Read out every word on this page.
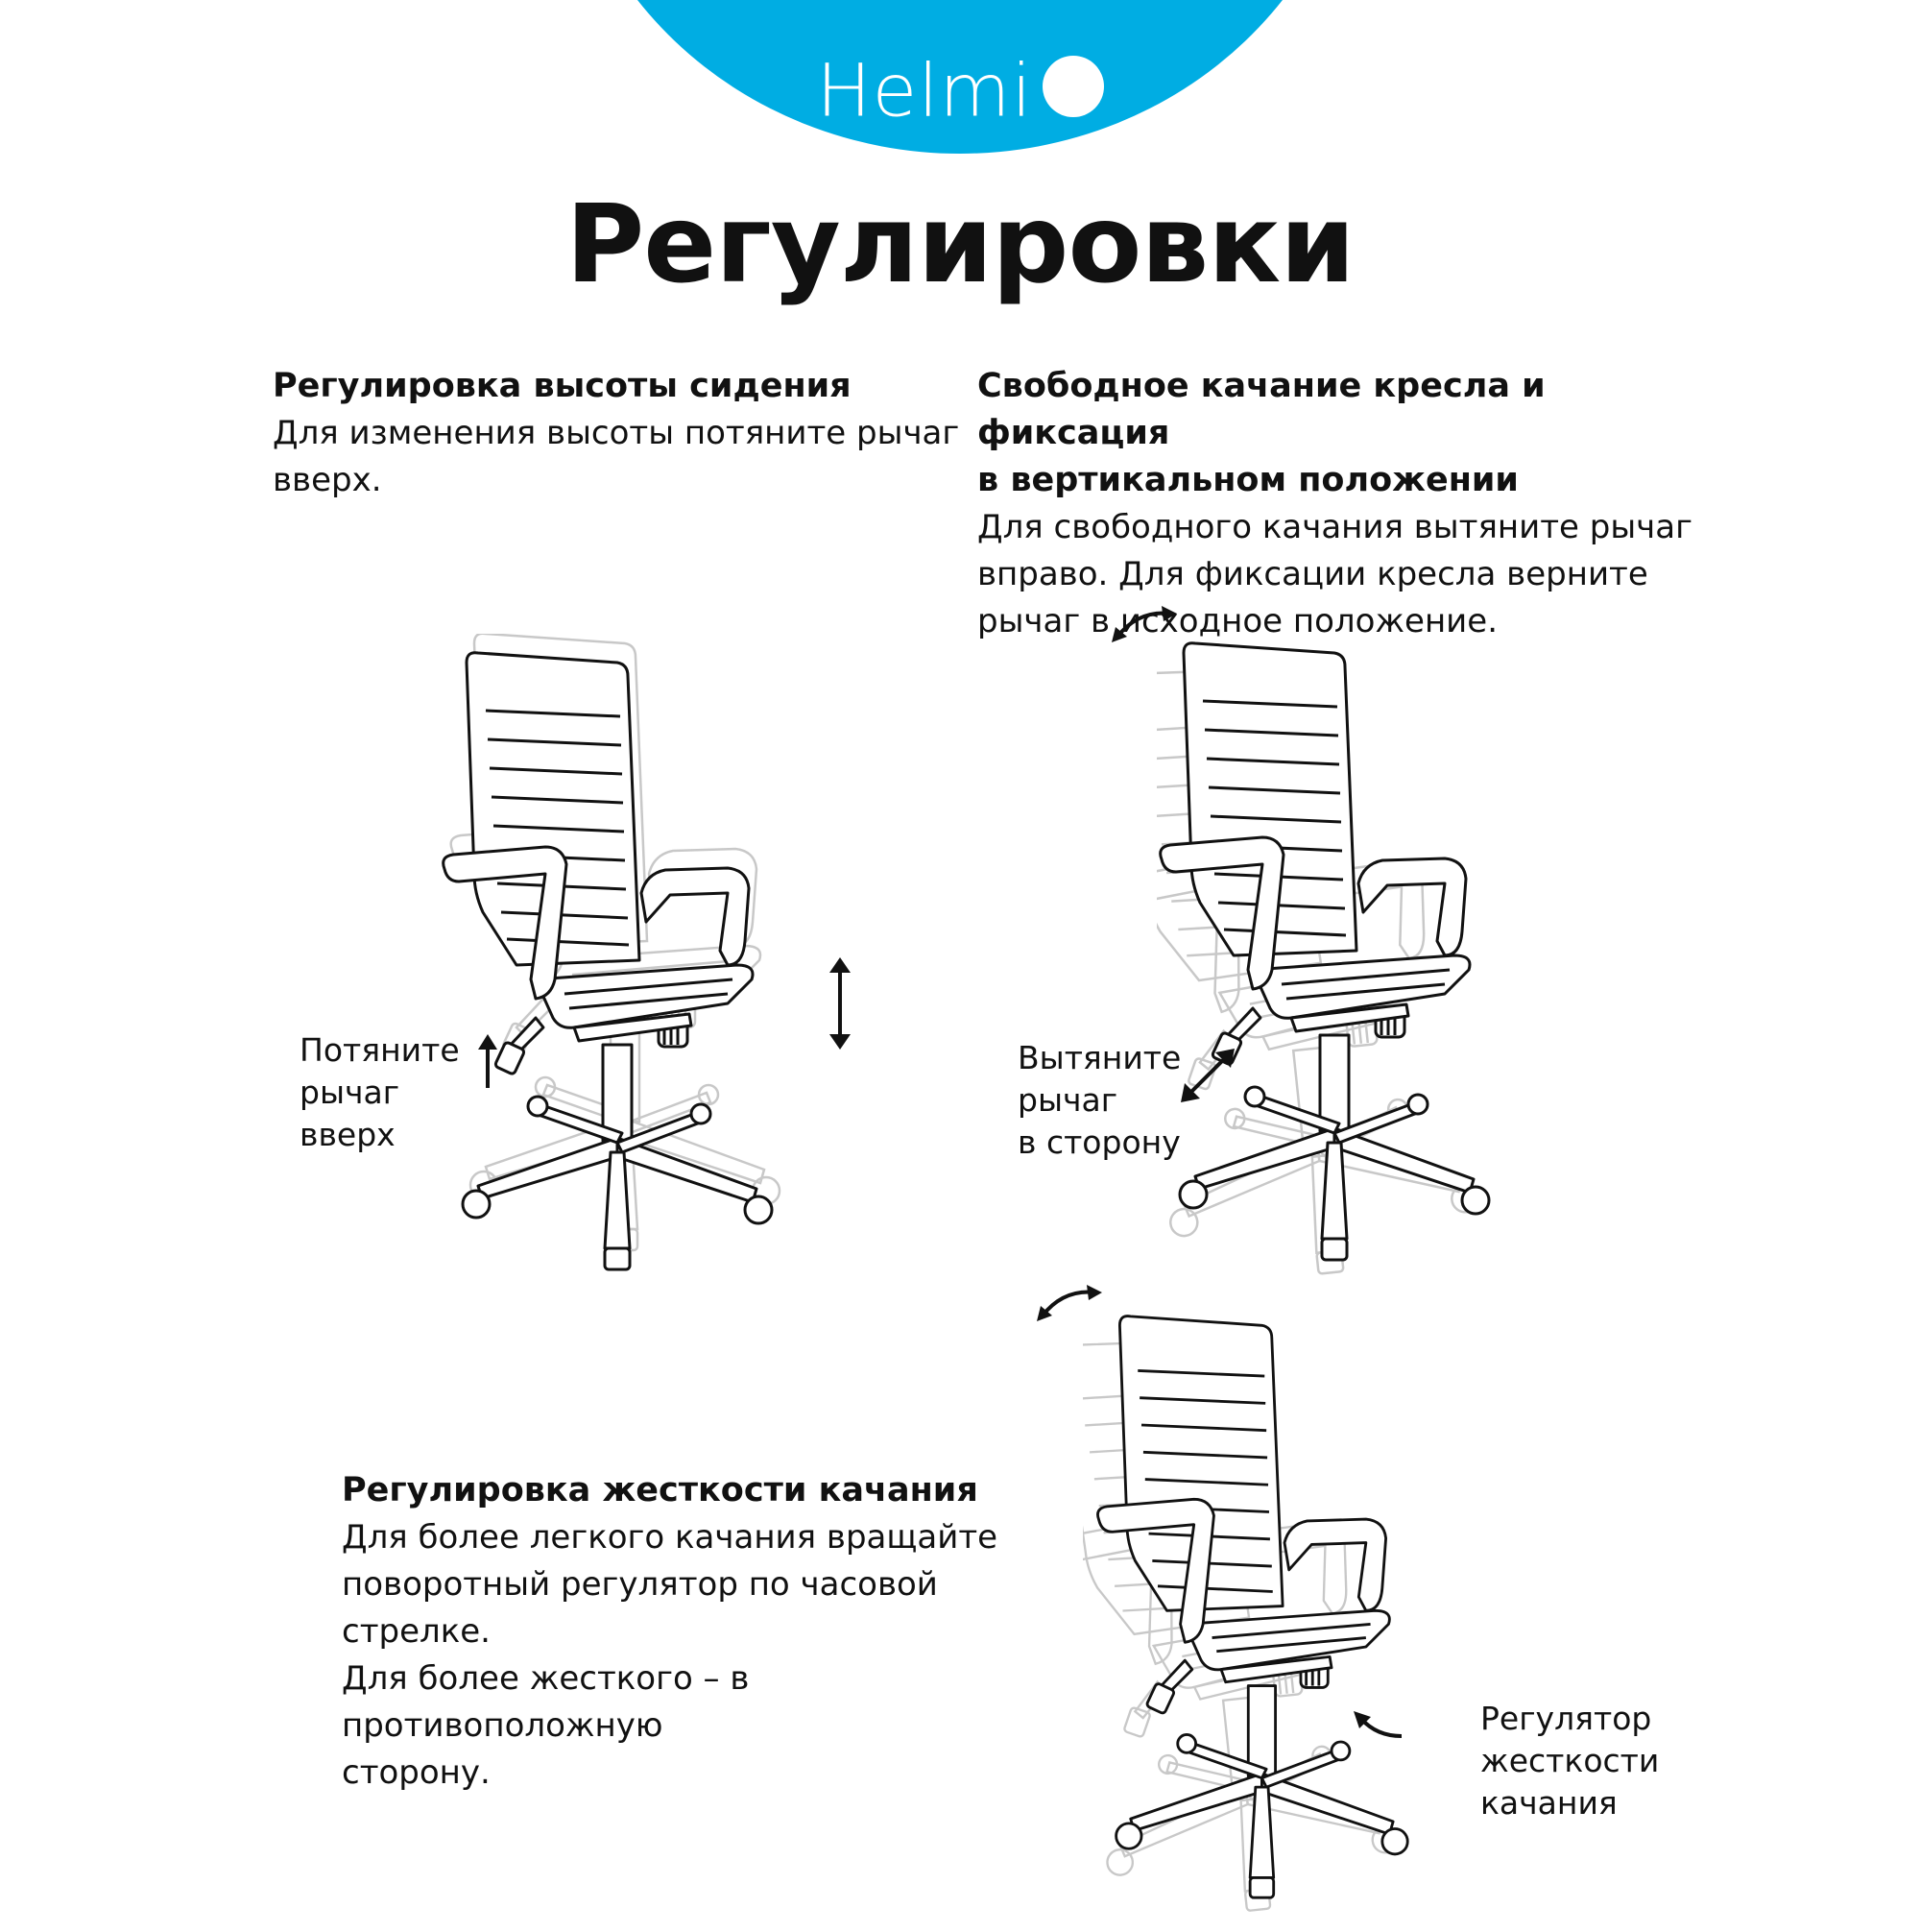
Helmi
Регулировки
Регулировка высоты сидения
Для изменения высоты потяните рычаг
вверх.
Свободное качание кресла и фиксация
в вертикальном положении
Для свободного качания вытяните рычаг
вправо. Для фиксации кресла верните
рычаг в исходное положение.
Регулировка жесткости качания
Для более легкого качания вращайте
поворотный регулятор по часовой стрелке.
Для более жесткого – в противоположную
сторону.
Потяните
рычаг
вверх
Вытяните
рычаг
в сторону
Регулятор
жесткости
качания
